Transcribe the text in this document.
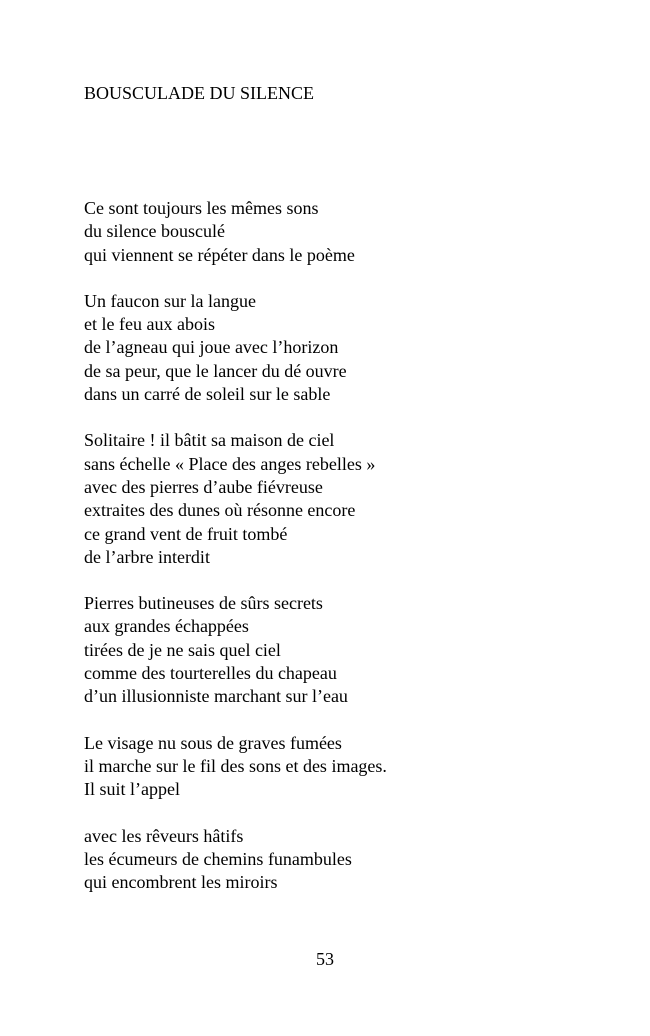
BOUSCULADE DU SILENCE
Ce sont toujours les mêmes sons
du silence bousculé
qui viennent se répéter dans le poème
Un faucon sur la langue
et le feu aux abois
de l’agneau qui joue avec l’horizon
de sa peur, que le lancer du dé ouvre
dans un carré de soleil sur le sable
Solitaire ! il bâtit sa maison de ciel
sans échelle « Place des anges rebelles »
avec des pierres d’aube fiévreuse
extraites des dunes où résonne encore
ce grand vent de fruit tombé
de l’arbre interdit
Pierres butineuses de sûrs secrets
aux grandes échappées
tirées de je ne sais quel ciel
comme des tourterelles du chapeau
d’un illusionniste marchant sur l’eau
Le visage nu sous de graves fumées
il marche sur le fil des sons et des images.
Il suit l’appel
avec les rêveurs hâtifs
les écumeurs de chemins funambules
qui encombrent les miroirs
53
